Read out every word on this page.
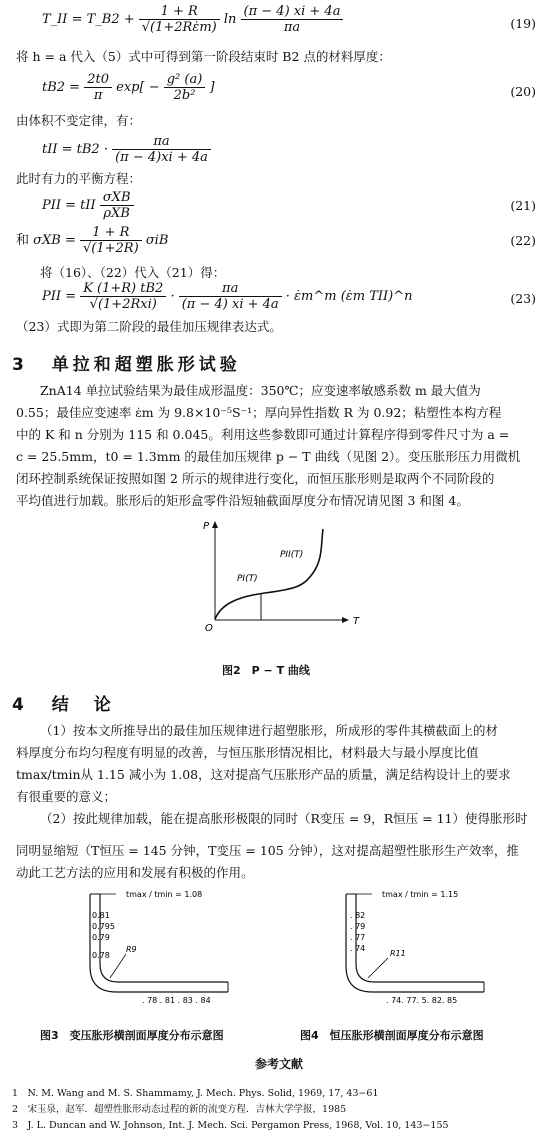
T_II = T_B2 + $\frac{1 + R}{√(1+2R\varepsiloṅm)}$ $\ln \frac{(\pi - 4) xi + 4a}{\pi a}$	(19)
将 h = a 代入（5）式中可得到第一阶段结束时 B2 点的材料厚度：
$tB2 = \frac{2t0}{\pi} \exp[ - \frac{\text{g² (a)}}{\text{2b²}}$ ]	(20)
由体积不变定律，有：
tII = $tB2 \cdot \frac{\pi a}{(\pi - 4)xi + 4a}$
此时有力的平衡方程：
PII = tII $\frac{\text{σXB}}{\text{ρXB}}$	(21)
和 $\sigma XB = \frac{1 + R}{√(1+2R)}$ σiB	(22)
将（16）、（22）代入（21）得：
PII = $\frac{K (1+R) tB2}{\text{√(1+2Rxi)}} \cdot \frac{\pi a}{(\pi - 4) xi + 4a}$ · ε̇m^m (ε̇m TII)^n	(23)
（23）式即为第二阶段的最佳加压规律表达式。
3 单拉和超塑胀形试验
ZnA14 单拉试验结果为最佳成形温度：350℃；应变速率敏感系数 m 最大值为
0.55；最佳应变速率 ε̇m 为 9.8×10⁻⁵S⁻¹；厚向异性指数 R 为 0.92；粘塑性本构方程
中的 K 和 n 分别为 115 和 0.045。利用这些参数即可通过计算程序得到零件尺寸为 a =
c = 25.5mm，t0 = 1.3mm 的最佳加压规律 p − T 曲线（见图 2）。变压胀形压力用微机
闭环控制系统保证按照如图 2 所示的规律进行变化，而恒压胀形则是取两个不同阶段的
平均值进行加载。胀形后的矩形盒零件沿短轴截面厚度分布情况请见图 3 和图 4。
P
T
O
PII(T)
PI(T)
图2　P − T 曲线
4 结　论
（1）按本文所推导出的最佳加压规律进行超塑胀形，所成形的零件其横截面上的材
料厚度分布均匀程度有明显的改善，与恒压胀形情况相比，材料最大与最小厚度比值
tmax/tmin从 1.15 减小为 1.08，这对提高气压胀形产品的质量，满足结构设计上的要求
有很重要的意义；
（2）按此规律加载，能在提高胀形极限的同时（R变压 = 9，R恒压 = 11）使得胀形时
同明显缩短（T恒压 = 145 分钟，T变压 = 105 分钟），这对提高超塑性胀形生产效率，推
动此工艺方法的应用和发展有积极的作用。
tmax / tmin = 1.08
0.81
0.795
0.79
0.78
R9
. 78 . 81 . 83 . 84
图3　变压胀形横剖面厚度分布示意图
tmax / tmin = 1.15
. 82
. 79
. 77
. 74
R11
. 74. 77. 5. 82. 85
图4　恒压胀形横剖面厚度分布示意图
参考文献
1　N. M. Wang and M. S. Shammamy, J. Mech. Phys. Solid, 1969, 17, 43−61
2　宋玉泉，赵军．超塑性胀形动态过程的新的流变方程．吉林大学学报，1985
3　J. L. Duncan and W. Johnson, Int. J. Mech. Sci. Pergamon Press, 1968, Vol. 10, 143−155
